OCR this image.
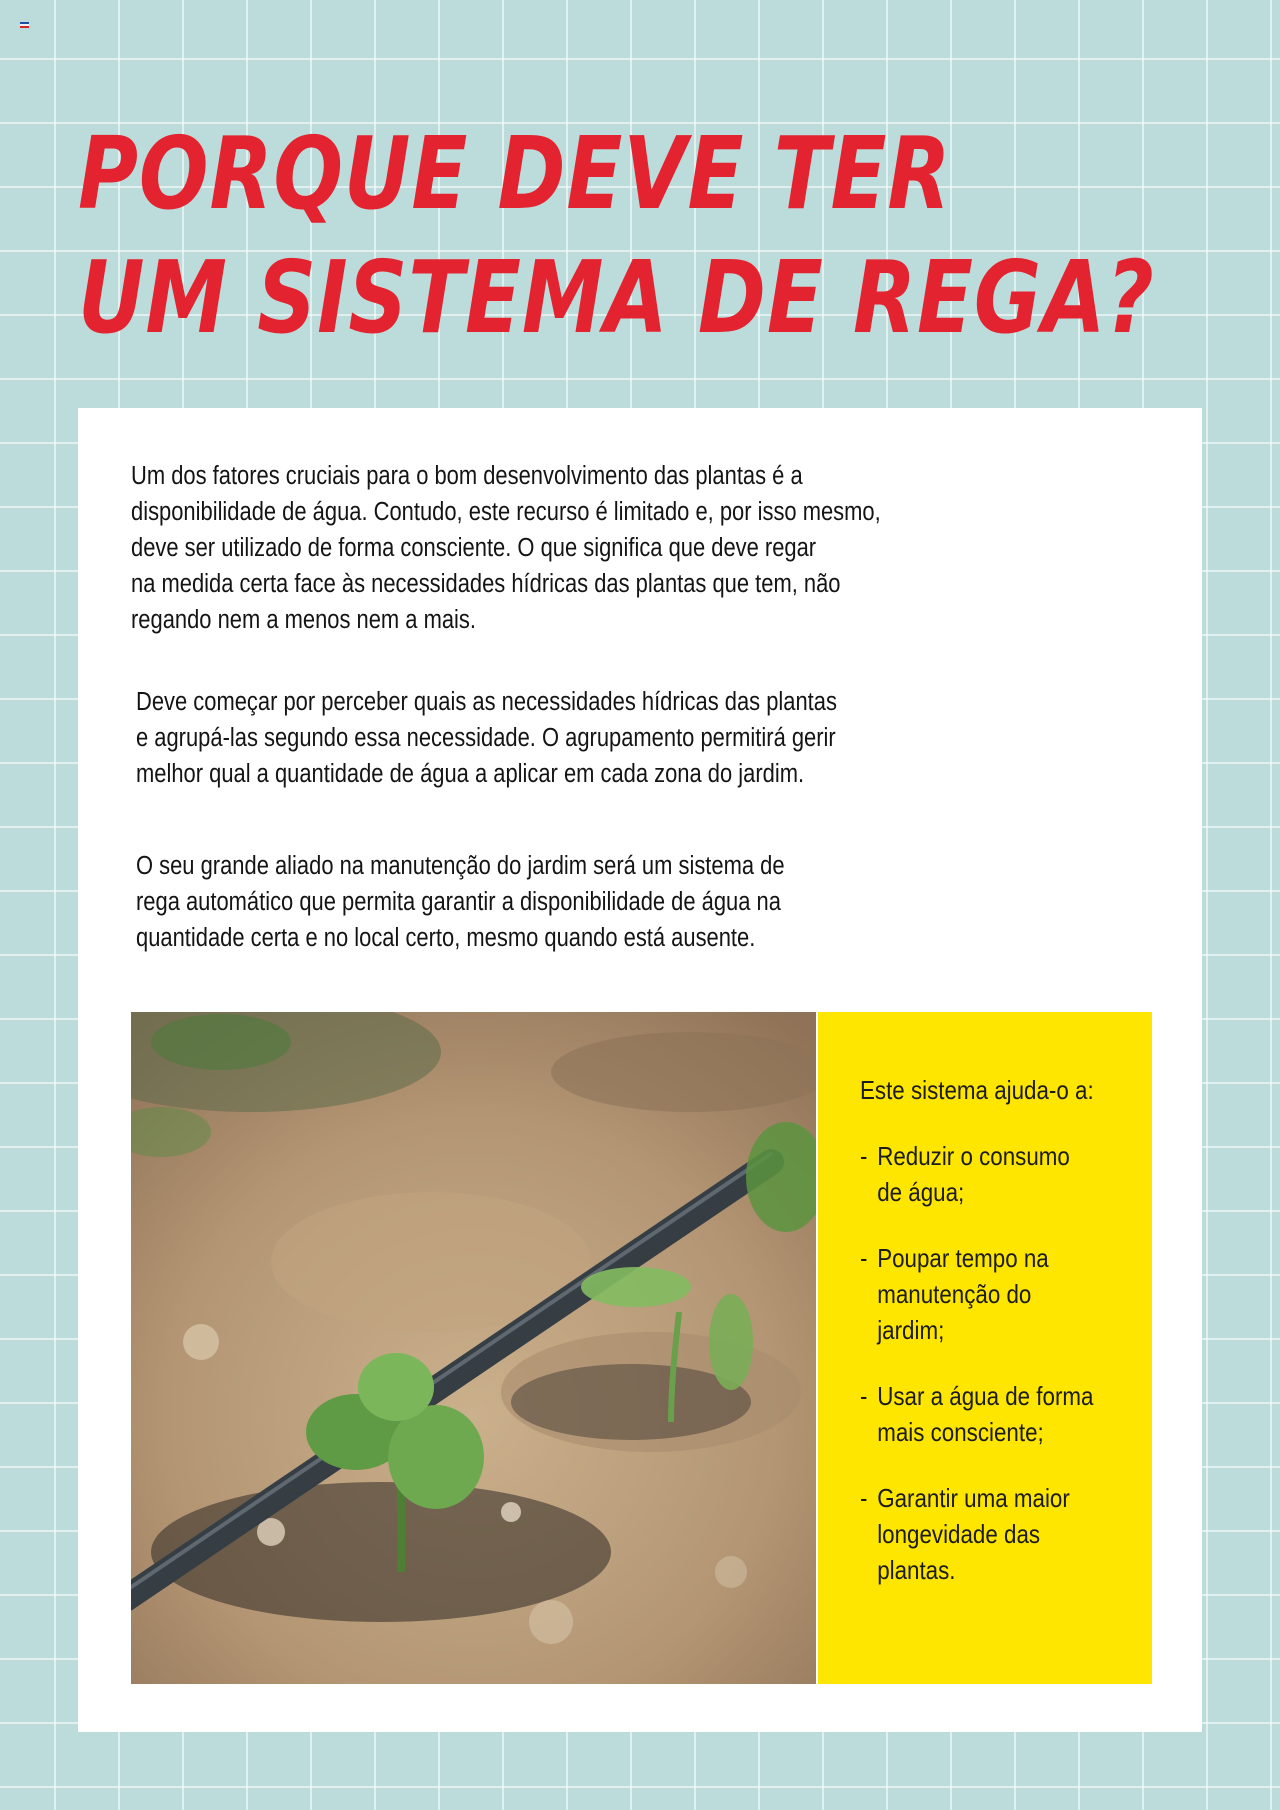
PORQUE DEVE TER
UM SISTEMA DE REGA?

Um dos fatores cruciais para o bom desenvolvimento das plantas é a
disponibilidade de água. Contudo, este recurso é limitado e, por isso mesmo,
deve ser utilizado de forma consciente. O que significa que deve regar
na medida certa face às necessidades hídricas das plantas que tem, não
regando nem a menos nem a mais.

Deve começar por perceber quais as necessidades hídricas das plantas
e agrupá-las segundo essa necessidade. O agrupamento permitirá gerir
melhor qual a quantidade de água a aplicar em cada zona do jardim.

O seu grande aliado na manutenção do jardim será um sistema de
rega automático que permita garantir a disponibilidade de água na
quantidade certa e no local certo, mesmo quando está ausente.

Este sistema ajuda-o a:
- Reduzir o consumo
de água;
- Poupar tempo na
manutenção do
jardim;
- Usar a água de forma
mais consciente;
- Garantir uma maior
longevidade das
plantas.
